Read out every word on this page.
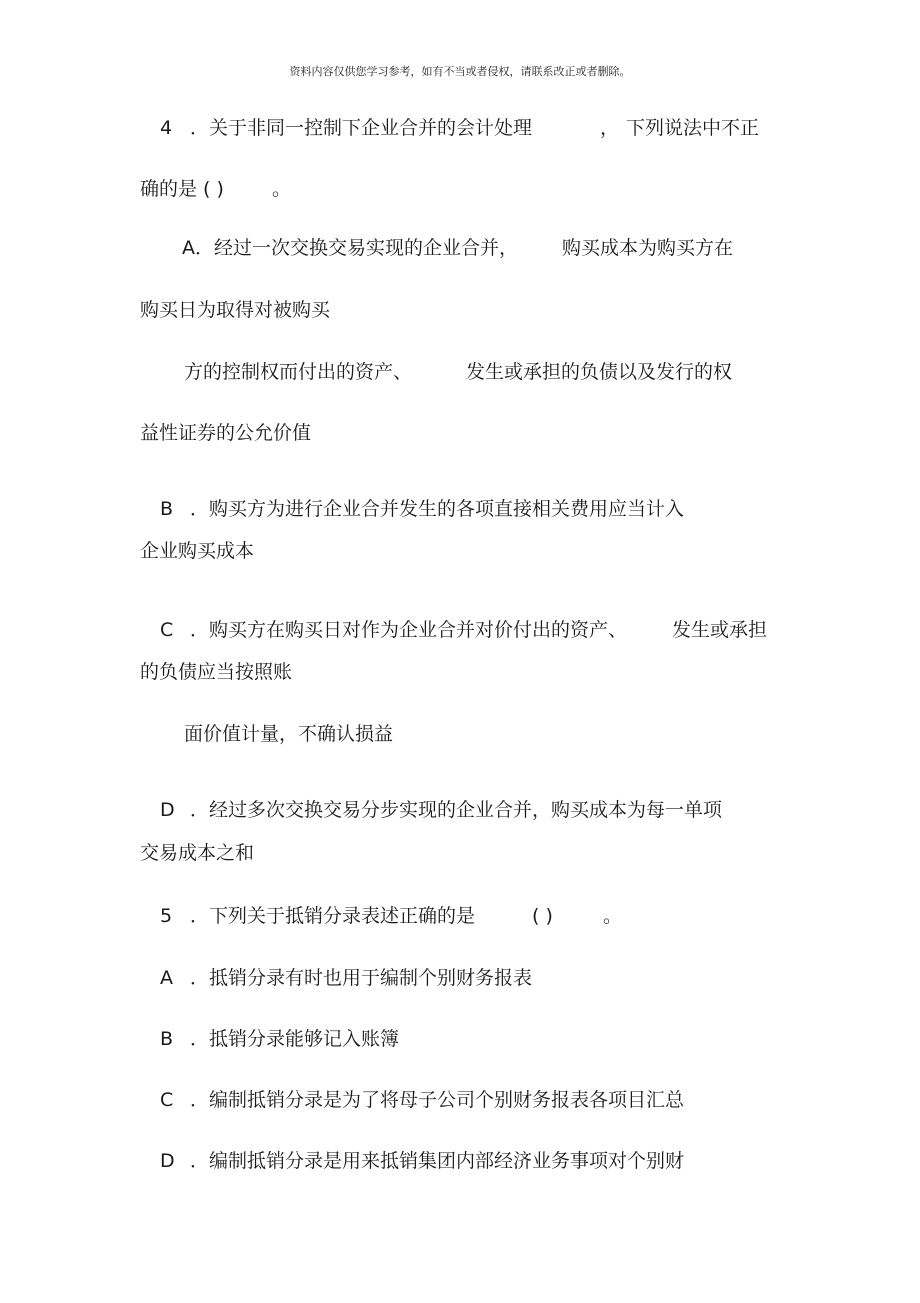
资料内容仅供您学习参考，如有不当或者侵权，请联系改正或者删除。
4 ．关于非同一控制下企业合并的会计处理	， 下列说法中不正
确的是 ( )	。
A．经过一次交换交易实现的企业合并， 购买成本为购买方在
购买日为取得对被购买
方的控制权而付出的资产、	发生或承担的负债以及发行的权
益性证券的公允价值
B ．购买方为进行企业合并发生的各项直接相关费用应当计入
企业购买成本
C ．购买方在购买日对作为企业合并对价付出的资产、 发生或承担
的负债应当按照账
面价值计量，不确认损益
D ．经过多次交换交易分步实现的企业合并，购买成本为每一单项
交易成本之和
5 ．下列关于抵销分录表述正确的是	( )	。
A ．抵销分录有时也用于编制个别财务报表
B ．抵销分录能够记入账簿
C ．编制抵销分录是为了将母子公司个别财务报表各项目汇总
D ．编制抵销分录是用来抵销集团内部经济业务事项对个别财
